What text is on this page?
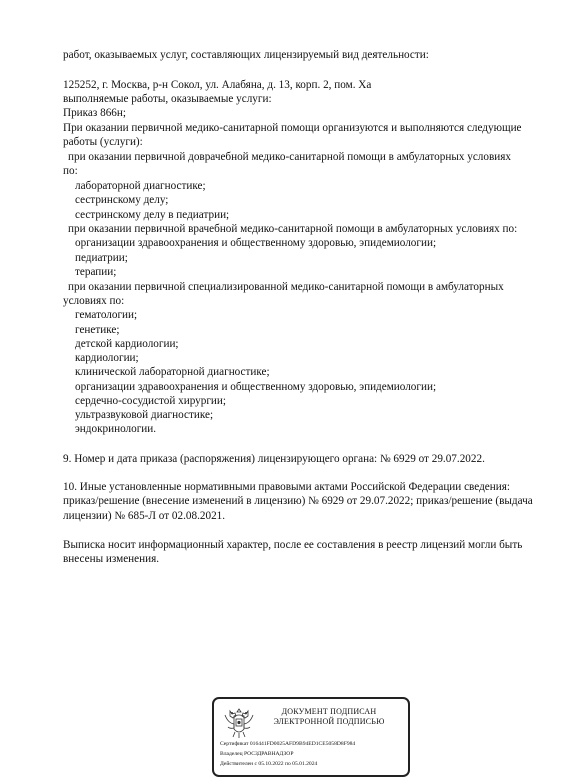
работ, оказываемых услуг, составляющих лицензируемый вид деятельности:
125252, г. Москва, р-н Сокол, ул. Алабяна, д. 13, корп. 2, пом. Ха
выполняемые работы, оказываемые услуги:
Приказ 866н;
При оказании первичной медико-санитарной помощи организуются и выполняются следующие
работы (услуги):
при оказании первичной доврачебной медико-санитарной помощи в амбулаторных условиях
по:
лабораторной диагностике;
сестринскому делу;
сестринскому делу в педиатрии;
при оказании первичной врачебной медико-санитарной помощи в амбулаторных условиях по:
организации здравоохранения и общественному здоровью, эпидемиологии;
педиатрии;
терапии;
при оказании первичной специализированной медико-санитарной помощи в амбулаторных
условиях по:
гематологии;
генетике;
детской кардиологии;
кардиологии;
клинической лабораторной диагностике;
организации здравоохранения и общественному здоровью, эпидемиологии;
сердечно-сосудистой хирургии;
ультразвуковой диагностике;
эндокринологии.
9. Номер и дата приказа (распоряжения) лицензирующего органа: № 6929 от 29.07.2022.
10. Иные установленные нормативными правовыми актами Российской Федерации сведения:
приказ/решение (внесение изменений в лицензию) № 6929 от 29.07.2022; приказ/решение (выдача
лицензии) № 685-Л от 02.08.2021.
Выписка носит информационный характер, после ее составления в реестр лицензий могли быть
внесены изменения.
ДОКУМЕНТ ПОДПИСАН
ЭЛЕКТРОННОЙ ПОДПИСЬЮ
Сертификат 016441FD0025AFD9B94ED1CE5058D8F984
Владелец РОСЗДРАВНАДЗОР
Действителен с 05.10.2022 по 05.01.2024
